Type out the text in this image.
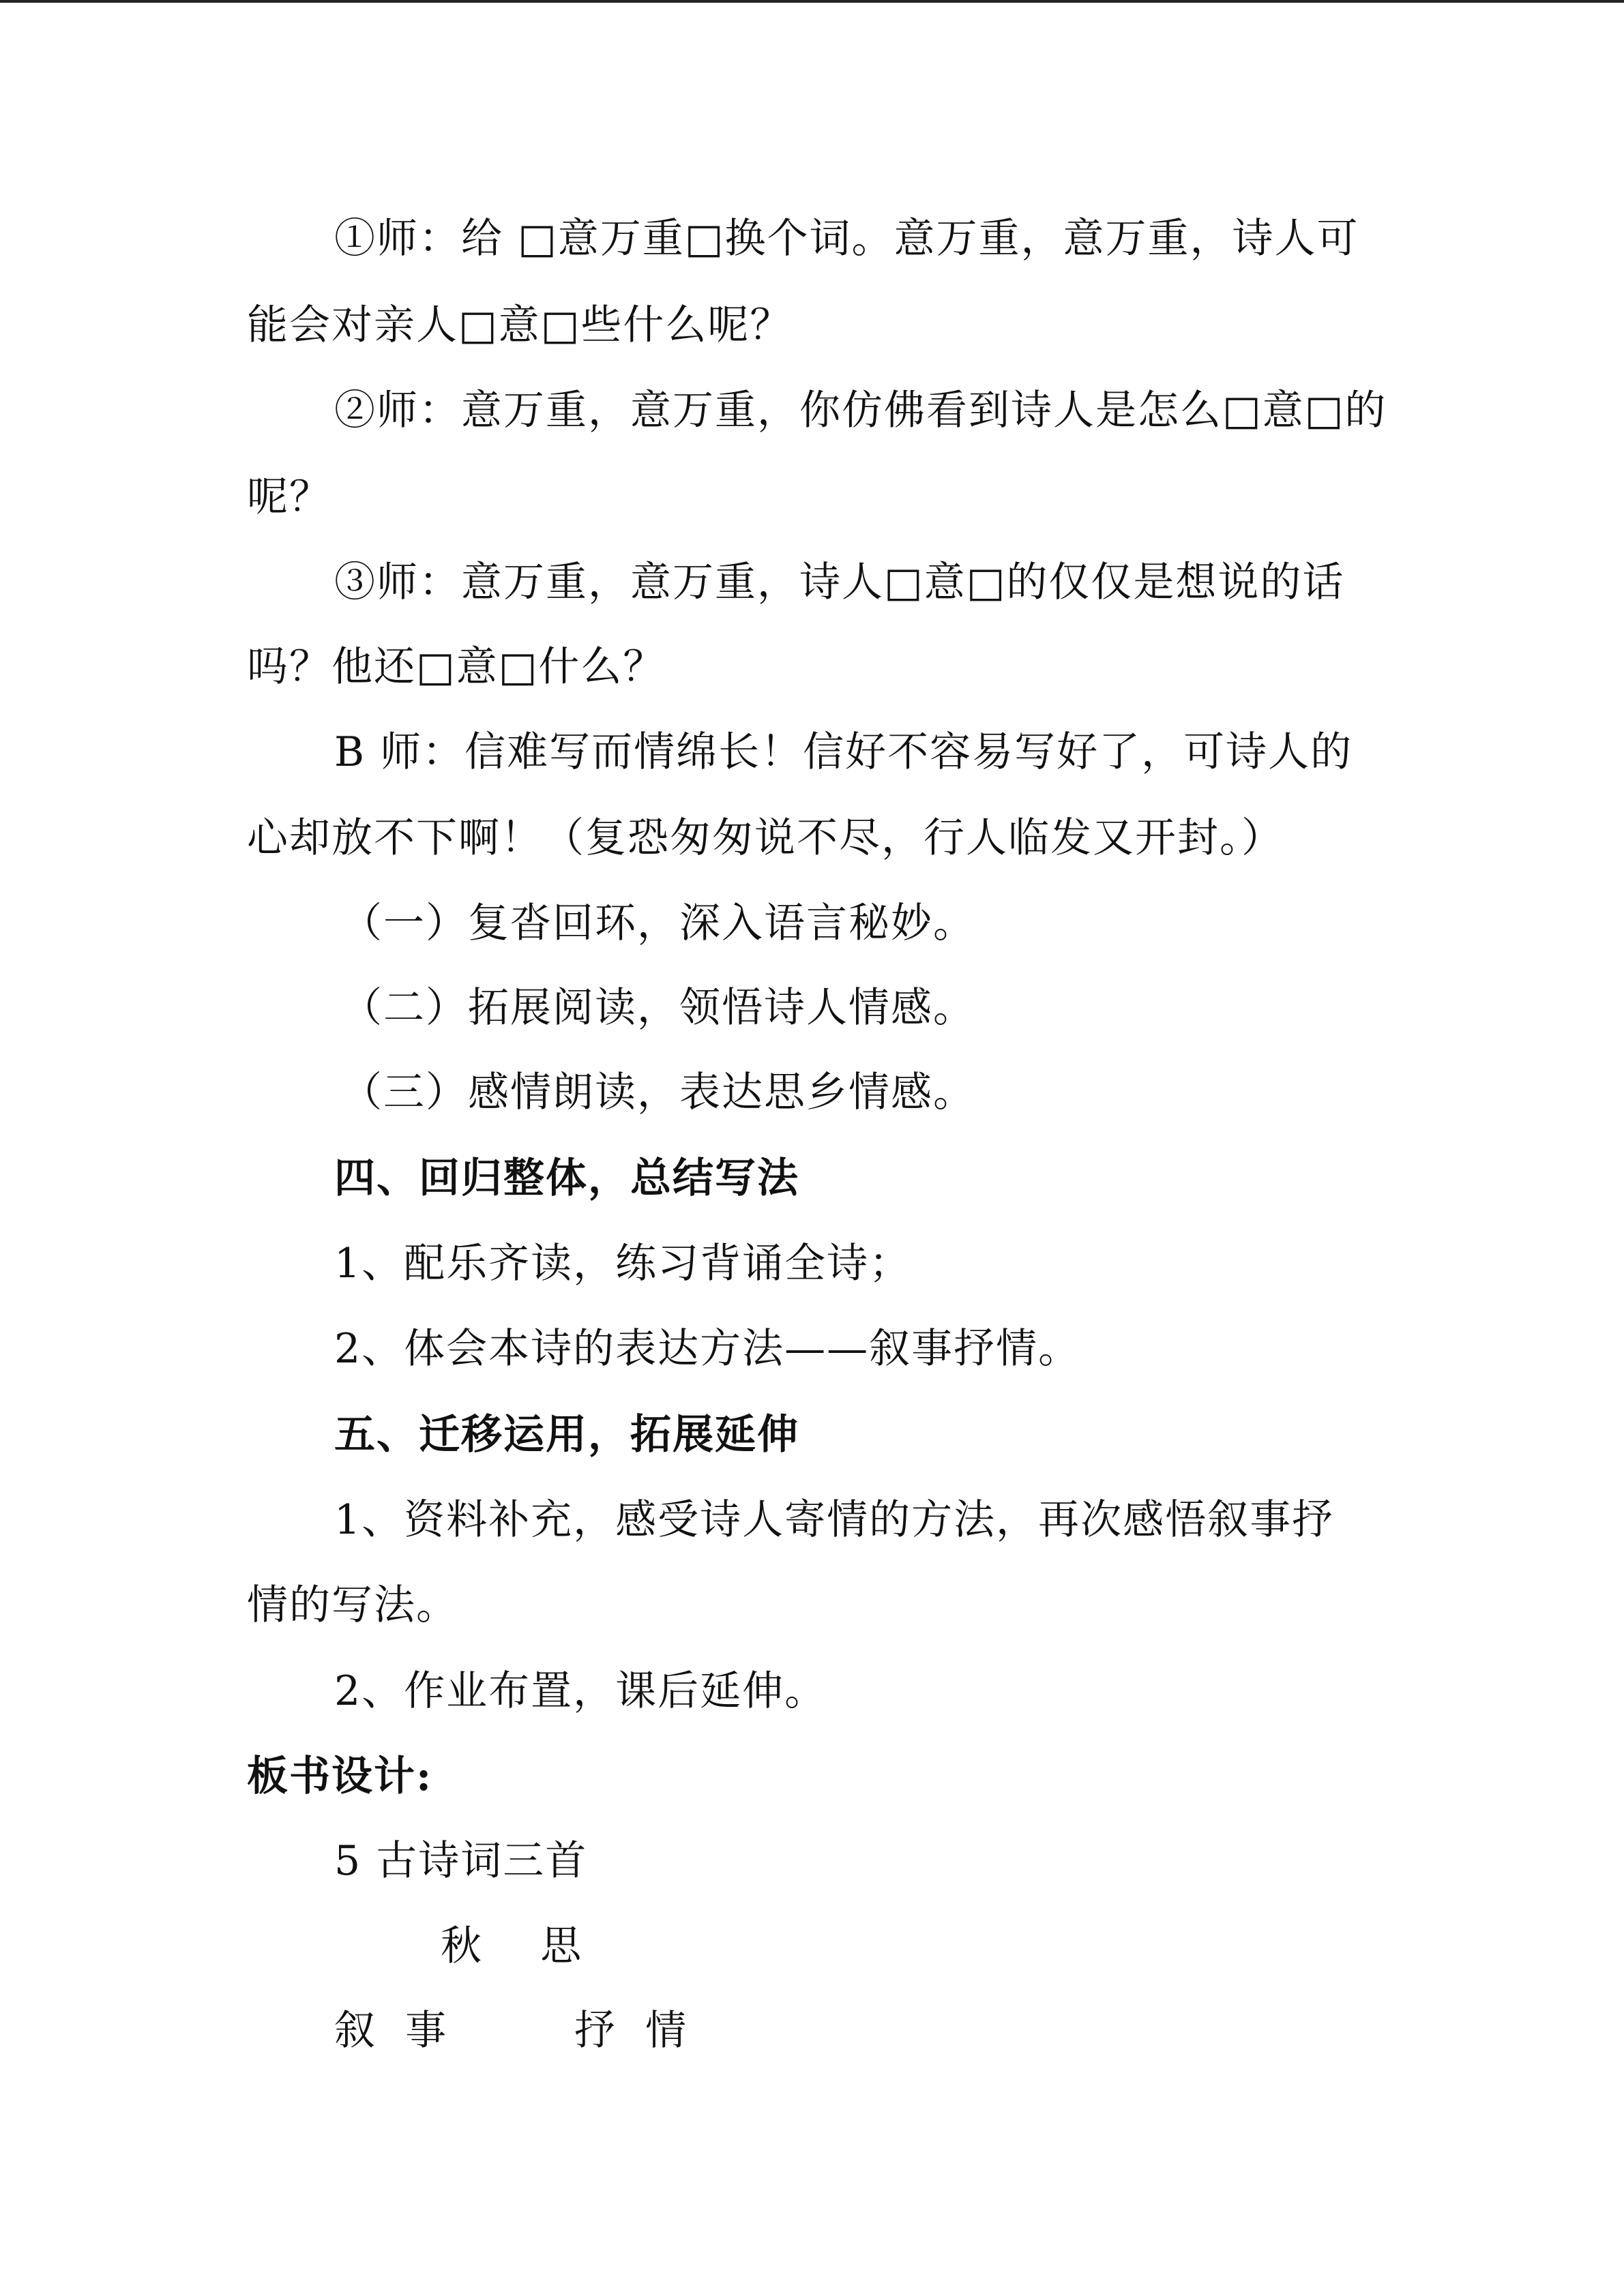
①师：给 □意万重□换个词。意万重，意万重，诗人可
能会对亲人□意□些什么呢？
②师：意万重，意万重，你仿佛看到诗人是怎么□意□的
呢？
③师：意万重，意万重，诗人□意□的仅仅是想说的话
吗？他还□意□什么？
B 师：信难写而情绵长！信好不容易写好了，可诗人的
心却放不下啊！（复恐匆匆说不尽，行人临发又开封。）
（一）复沓回环，深入语言秘妙。
（二）拓展阅读，领悟诗人情感。
（三）感情朗读，表达思乡情感。
四、回归整体，总结写法
1、配乐齐读，练习背诵全诗；
2、体会本诗的表达方法——叙事抒情。
五、迁移运用，拓展延伸
1、资料补充，感受诗人寄情的方法，再次感悟叙事抒
情的写法。
2、作业布置，课后延伸。
板书设计:
5 古诗词三首
秋    思
叙  事	抒  情
